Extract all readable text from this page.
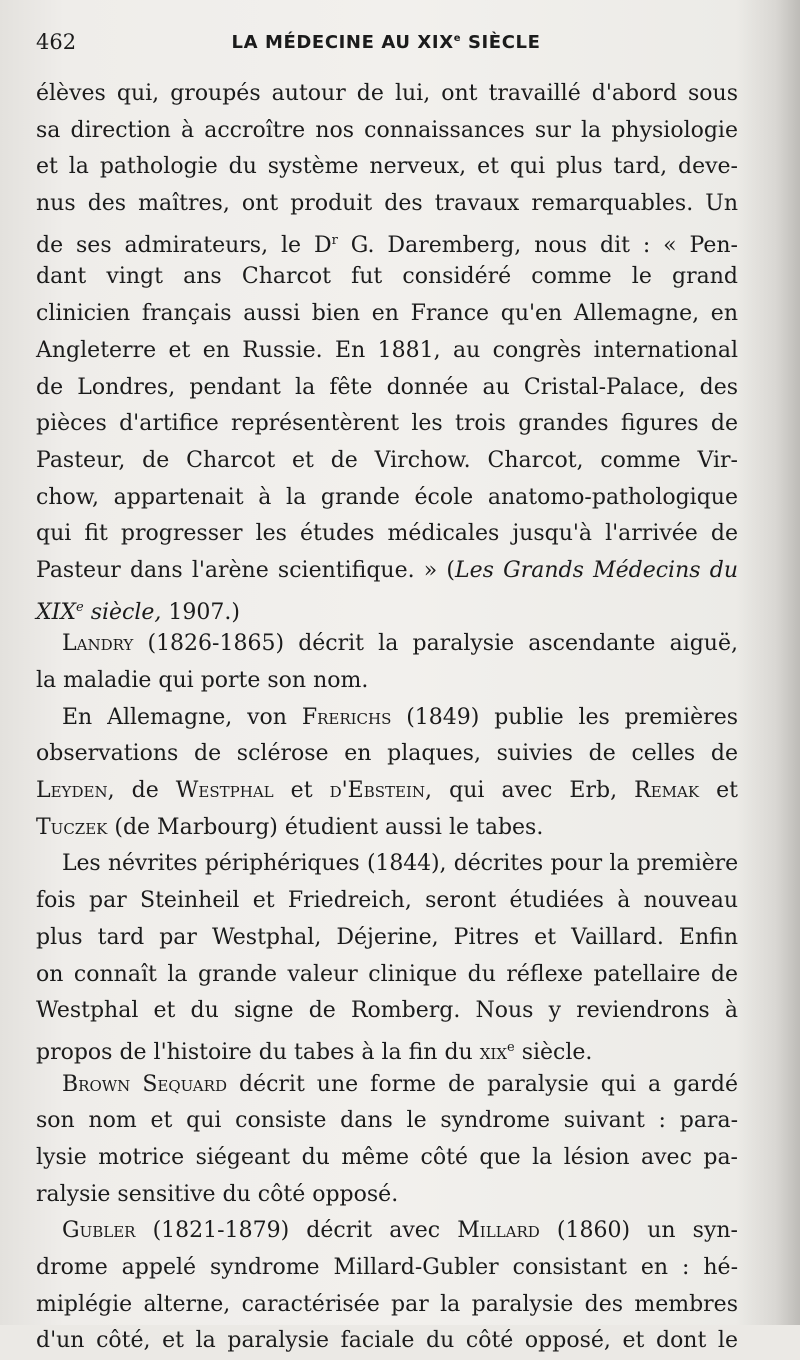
462	LA MÉDECINE AU XIXe SIÈCLE
élèves qui, groupés autour de lui, ont travaillé d'abord sous
sa direction à accroître nos connaissances sur la physiologie
et la pathologie du système nerveux, et qui plus tard, deve-
nus des maîtres, ont produit des travaux remarquables. Un
de ses admirateurs, le $D^r$ G. Daremberg, nous dit : « Pen-
dant vingt ans Charcot fut considéré comme le grand
clinicien français aussi bien en France qu'en Allemagne, en
Angleterre et en Russie. En 1881, au congrès international
de Londres, pendant la fête donnée au Cristal-Palace, des
pièces d'artifice représentèrent les trois grandes figures de
Pasteur, de Charcot et de Virchow. Charcot, comme Vir-
chow, appartenait à la grande école anatomo-pathologique
qui fit progresser les études médicales jusqu'à l'arrivée de
Pasteur dans l'arène scientifique. » (Les Grands Médecins du
XIXe siècle, 1907.)
Landry (1826-1865) décrit la paralysie ascendante aiguë,
la maladie qui porte son nom.
En Allemagne, von Frerichs (1849) publie les premières
observations de sclérose en plaques, suivies de celles de
Leyden, de Westphal et d'Ebstein, qui avec Erb, Remak et
Tuczek (de Marbourg) étudient aussi le tabes.
Les névrites périphériques (1844), décrites pour la première
fois par Steinheil et Friedreich, seront étudiées à nouveau
plus tard par Westphal, Déjerine, Pitres et Vaillard. Enfin
on connaît la grande valeur clinique du réflexe patellaire de
Westphal et du signe de Romberg. Nous y reviendrons à
propos de l'histoire du tabes à la fin du xix$^e$ siècle.
Brown Sequard décrit une forme de paralysie qui a gardé
son nom et qui consiste dans le syndrome suivant : para-
lysie motrice siégeant du même côté que la lésion avec pa-
ralysie sensitive du côté opposé.
Gubler (1821-1879) décrit avec Millard (1860) un syn-
drome appelé syndrome Millard-Gubler consistant en : hé-
miplégie alterne, caractérisée par la paralysie des membres
d'un côté, et la paralysie faciale du côté opposé, et dont le
